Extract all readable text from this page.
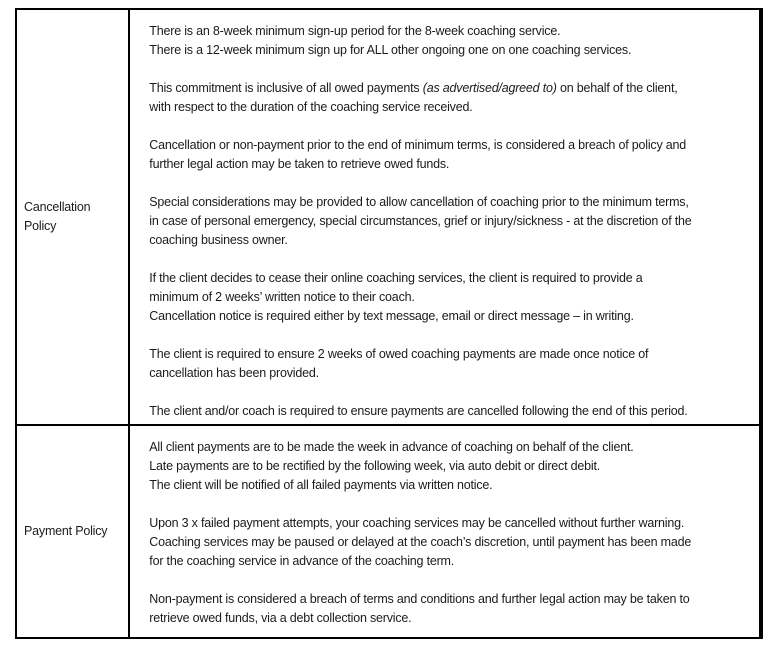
Cancellation Policy

There is an 8-week minimum sign-up period for the 8-week coaching service.
There is a 12-week minimum sign up for ALL other ongoing one on one coaching services.

This commitment is inclusive of all owed payments (as advertised/agreed to) on behalf of the client,
with respect to the duration of the coaching service received.

Cancellation or non-payment prior to the end of minimum terms, is considered a breach of policy and
further legal action may be taken to retrieve owed funds.

Special considerations may be provided to allow cancellation of coaching prior to the minimum terms,
in case of personal emergency, special circumstances, grief or injury/sickness - at the discretion of the
coaching business owner.

If the client decides to cease their online coaching services, the client is required to provide a
minimum of 2 weeks’ written notice to their coach.
Cancellation notice is required either by text message, email or direct message – in writing.

The client is required to ensure 2 weeks of owed coaching payments are made once notice of
cancellation has been provided.

The client and/or coach is required to ensure payments are cancelled following the end of this period.

Payment Policy

All client payments are to be made the week in advance of coaching on behalf of the client.
Late payments are to be rectified by the following week, via auto debit or direct debit.
The client will be notified of all failed payments via written notice.

Upon 3 x failed payment attempts, your coaching services may be cancelled without further warning.
Coaching services may be paused or delayed at the coach’s discretion, until payment has been made
for the coaching service in advance of the coaching term.

Non-payment is considered a breach of terms and conditions and further legal action may be taken to
retrieve owed funds, via a debt collection service.
